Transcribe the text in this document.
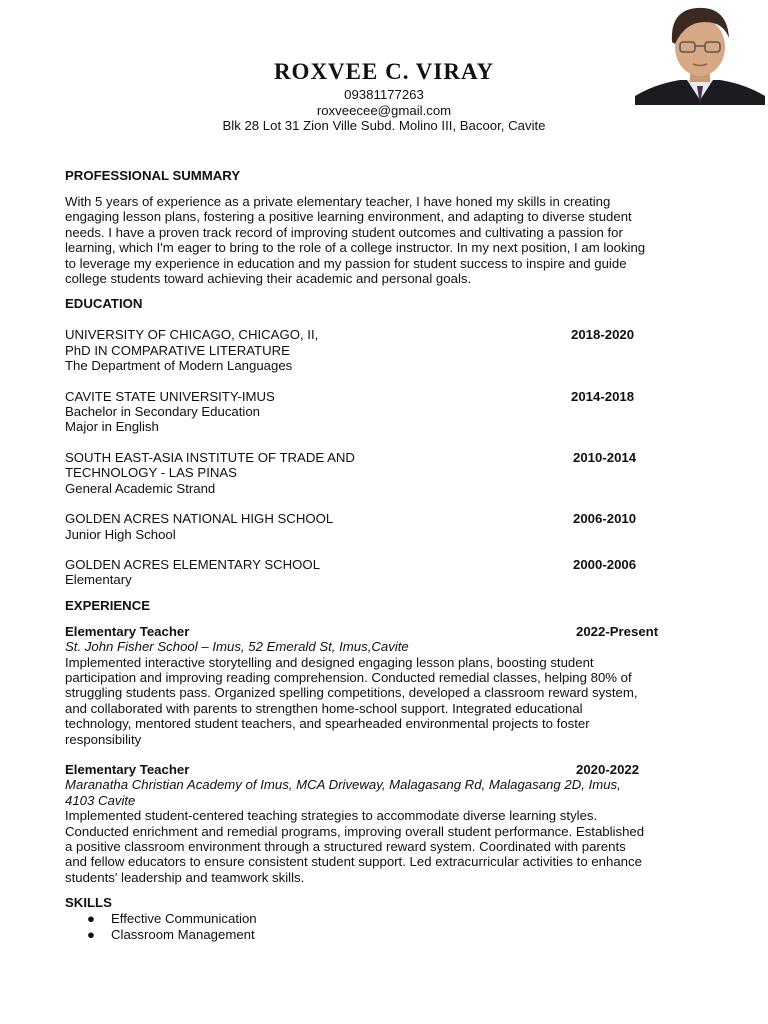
ROXVEE C. VIRAY
09381177263
roxveecee@gmail.com
Blk 28 Lot 31 Zion Ville Subd. Molino III, Bacoor, Cavite
PROFESSIONAL SUMMARY
With 5 years of experience as a private elementary teacher, I have honed my skills in creating
engaging lesson plans, fostering a positive learning environment, and adapting to diverse student
needs. I have a proven track record of improving student outcomes and cultivating a passion for
learning, which I'm eager to bring to the role of a college instructor. In my next position, I am looking
to leverage my experience in education and my passion for student success to inspire and guide
college students toward achieving their academic and personal goals.
EDUCATION
UNIVERSITY OF CHICAGO, CHICAGO, II,
PhD IN COMPARATIVE LITERATURE
The Department of Modern Languages
2018-2020
CAVITE STATE UNIVERSITY-IMUS
Bachelor in Secondary Education
Major in English
2014-2018
SOUTH EAST-ASIA INSTITUTE OF TRADE AND
TECHNOLOGY - LAS PINAS
General Academic Strand
2010-2014
GOLDEN ACRES NATIONAL HIGH SCHOOL
Junior High School
2006-2010
GOLDEN ACRES ELEMENTARY SCHOOL
Elementary
2000-2006
EXPERIENCE
Elementary Teacher	2022-Present
St. John Fisher School – Imus, 52 Emerald St, Imus,Cavite
Implemented interactive storytelling and designed engaging lesson plans, boosting student
participation and improving reading comprehension. Conducted remedial classes, helping 80% of
struggling students pass. Organized spelling competitions, developed a classroom reward system,
and collaborated with parents to strengthen home-school support. Integrated educational
technology, mentored student teachers, and spearheaded environmental projects to foster
responsibility
Elementary Teacher	2020-2022
Maranatha Christian Academy of Imus, MCA Driveway, Malagasang Rd, Malagasang 2D, Imus,
4103 Cavite
Implemented student-centered teaching strategies to accommodate diverse learning styles.
Conducted enrichment and remedial programs, improving overall student performance. Established
a positive classroom environment through a structured reward system. Coordinated with parents
and fellow educators to ensure consistent student support. Led extracurricular activities to enhance
students' leadership and teamwork skills.
SKILLS
● Effective Communication
● Classroom Management
